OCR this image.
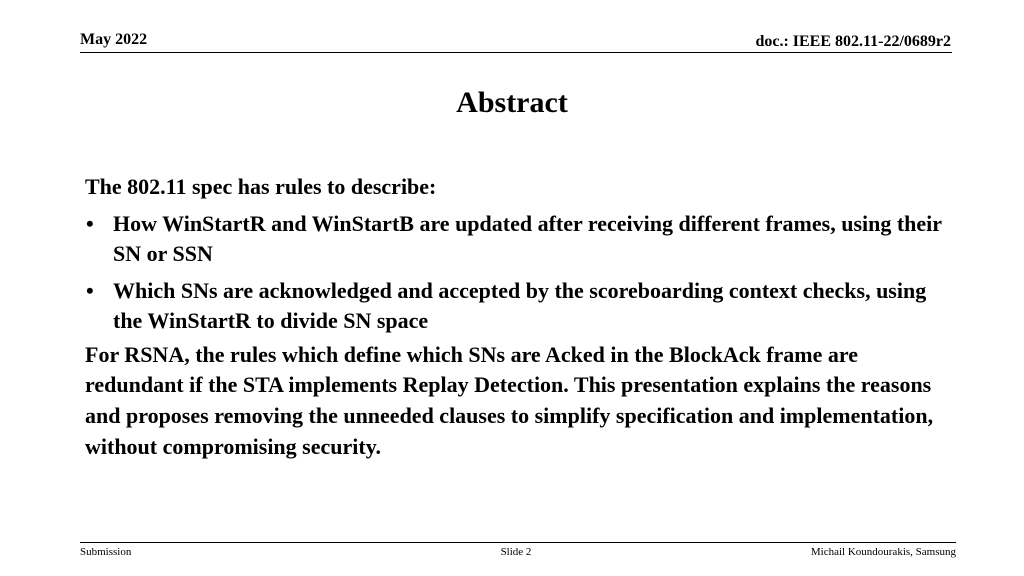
May 2022	doc.: IEEE 802.11-22/0689r2
Abstract

The 802.11 spec has rules to describe:

• How WinStartR and WinStartB are updated after receiving different frames, using their SN or SSN
• Which SNs are acknowledged and accepted by the scoreboarding context checks, using the WinStartR to divide SN space

For RSNA, the rules which define which SNs are Acked in the BlockAck frame are redundant if the STA implements Replay Detection. This presentation explains the reasons and proposes removing the unneeded clauses to simplify specification and implementation, without compromising security.

Submission	Slide 2	Michail Koundourakis, Samsung
